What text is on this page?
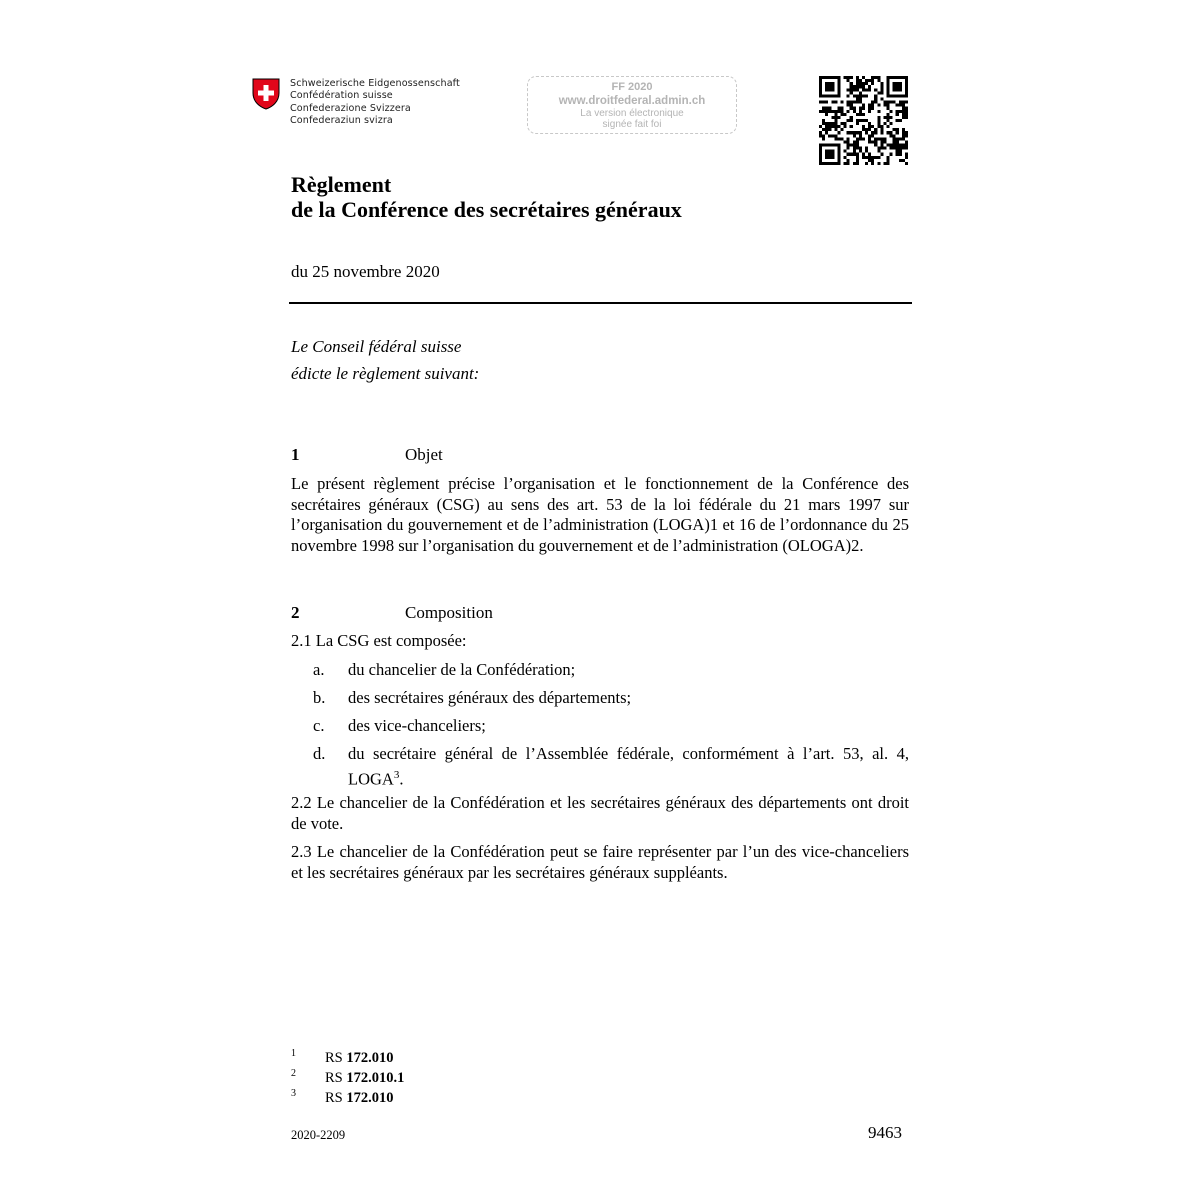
Schweizerische Eidgenossenschaft
Confédération suisse
Confederazione Svizzera
Confederaziun svizra
FF 2020
www.droitfederal.admin.ch
La version électronique
signée fait foi
Règlement
de la Conférence des secrétaires généraux
du 25 novembre 2020
Le Conseil fédéral suisse
édicte le règlement suivant:
1	Objet
Le présent règlement précise l’organisation et le fonctionnement de la Conférence des secrétaires généraux (CSG) au sens des art. 53 de la loi fédérale du 21 mars 1997 sur l’organisation du gouvernement et de l’administration (LOGA)1 et 16 de l’ordonnance du 25 novembre 1998 sur l’organisation du gouvernement et de l’administration (OLOGA)2.
2	Composition
2.1 La CSG est composée:
a. du chancelier de la Confédération;
b. des secrétaires généraux des départements;
c. des vice-chanceliers;
d. du secrétaire général de l’Assemblée fédérale, conformément à l’art. 53, al. 4, LOGA$^3$.
2.2 Le chancelier de la Confédération et les secrétaires généraux des départements ont droit de vote.
2.3 Le chancelier de la Confédération peut se faire représenter par l’un des vice-chanceliers et les secrétaires généraux par les secrétaires généraux suppléants.
$^1$ RS 172.010
$^2$ RS 172.010.1
$^3$ RS 172.010
2020-2209	9463
